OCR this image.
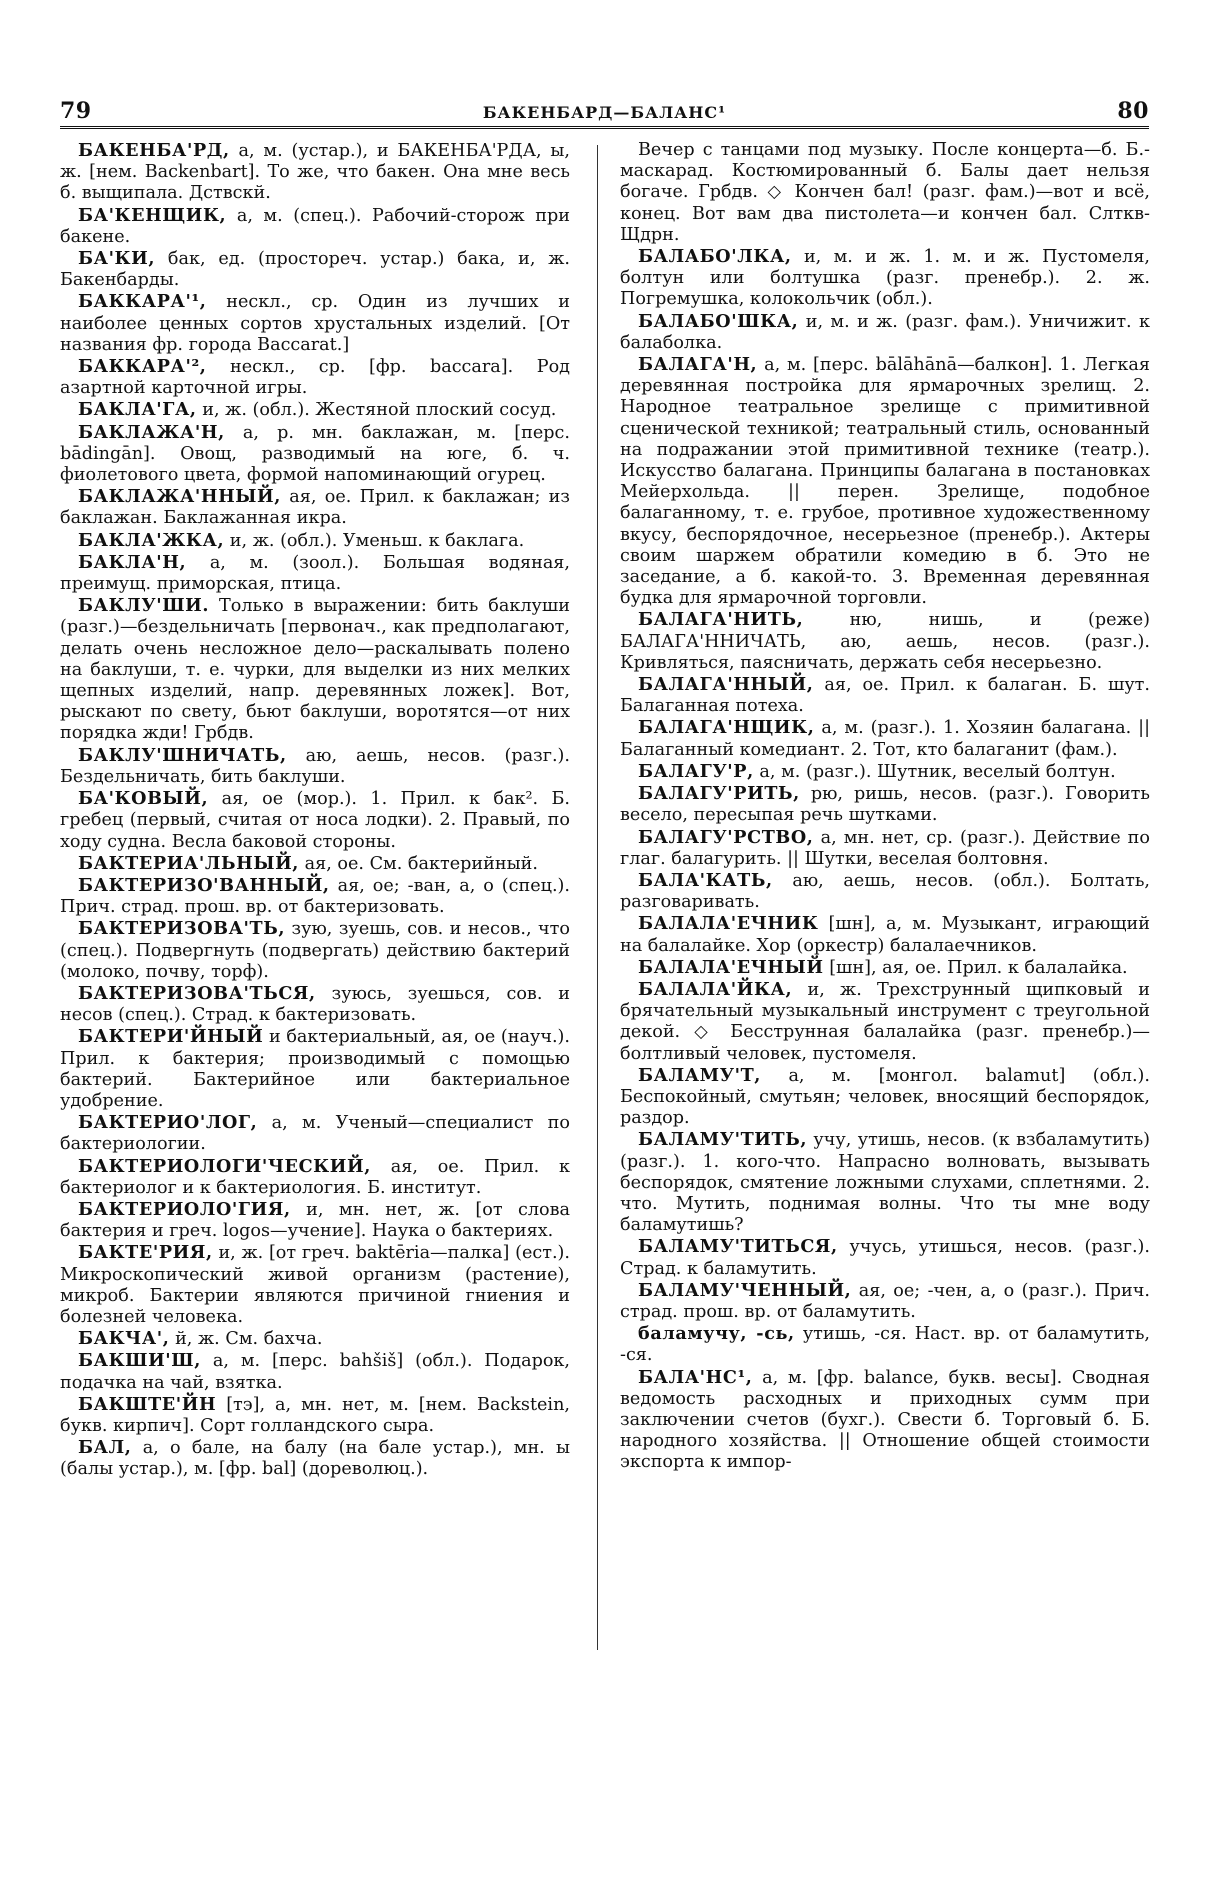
79	БАКЕНБАРД—БАЛАНС¹	80

БАКЕНБА'РД, а, м. (устар.), и БАКЕНБА'РДА, ы, ж. [нем. Backenbart]. То же, что бакен. Она мне весь б. выщипала. Дствскй.

БА'КЕНЩИК, а, м. (спец.). Рабочий-сторож при бакене.

БА'КИ, бак, ед. (простореч. устар.) бака, и, ж. Бакенбарды.

БАККАРА'¹, нескл., ср. Один из лучших и наиболее ценных сортов хрустальных изделий. [От названия фр. города Baccarat.]

БАККАРА'², нескл., ср. [фр. baccara]. Род азартной карточной игры.

БАКЛА'ГА, и, ж. (обл.). Жестяной плоский сосуд.

БАКЛАЖА'Н, а, р. мн. баклажан, м. [перс. bādingān]. Овощ, разводимый на юге, б. ч. фиолетового цвета, формой напоминающий огурец.

БАКЛАЖА'ННЫЙ, ая, ое. Прил. к баклажан; из баклажан. Баклажанная икра.

БАКЛА'ЖКА, и, ж. (обл.). Уменьш. к баклага.

БАКЛА'Н, а, м. (зоол.). Большая водяная, преимущ. приморская, птица.

БАКЛУ'ШИ. Только в выражении: бить баклуши (разг.)—бездельничать [первонач., как предполагают, делать очень несложное дело—раскалывать полено на баклуши, т. е. чурки, для выделки из них мелких щепных изделий, напр. деревянных ложек]. Вот, рыскают по свету, бьют баклуши, воротятся—от них порядка жди! Грбдв.

БАКЛУ'ШНИЧАТЬ, аю, аешь, несов. (разг.). Бездельничать, бить баклуши.

БА'КОВЫЙ, ая, ое (мор.). 1. Прил. к бак². Б. гребец (первый, считая от носа лодки). 2. Правый, по ходу судна. Весла баковой стороны.

БАКТЕРИА'ЛЬНЫЙ, ая, ое. См. бактерийный.

БАКТЕРИЗО'ВАННЫЙ, ая, ое; -ван, а, о (спец.). Прич. страд. прош. вр. от бактеризовать.

БАКТЕРИЗОВА'ТЬ, зую, зуешь, сов. и несов., что (спец.). Подвергнуть (подвергать) действию бактерий (молоко, почву, торф).

БАКТЕРИЗОВА'ТЬСЯ, зуюсь, зуешься, сов. и несов (спец.). Страд. к бактеризовать.

БАКТЕРИ'ЙНЫЙ и бактериальный, ая, ое (науч.). Прил. к бактерия; производимый с помощью бактерий. Бактерийное или бактериальное удобрение.

БАКТЕРИО'ЛОГ, а, м. Ученый—специалист по бактериологии.

БАКТЕРИОЛОГИ'ЧЕСКИЙ, ая, ое. Прил. к бактериолог и к бактериология. Б. институт.

БАКТЕРИОЛО'ГИЯ, и, мн. нет, ж. [от слова бактерия и греч. logos—учение]. Наука о бактериях.

БАКТЕ'РИЯ, и, ж. [от греч. baktēria—палка] (ест.). Микроскопический живой организм (растение), микроб. Бактерии являются причиной гниения и болезней человека.

БАКЧА', й, ж. См. бахча.

БАКШИ'Ш, а, м. [перс. bahšiš] (обл.). Подарок, подачка на чай, взятка.

БАКШТЕ'ЙН [тэ], а, мн. нет, м. [нем. Backstein, букв. кирпич]. Сорт голландского сыра.

БАЛ, а, о бале, на балу (на бале устар.), мн. ы (балы устар.), м. [фр. bal] (дореволюц.).

Вечер с танцами под музыку. После концерта—б. Б.-маскарад. Костюмированный б. Балы дает нельзя богаче. Грбдв. ◇ Кончен бал! (разг. фам.)—вот и всё, конец. Вот вам два пистолета—и кончен бал. Слткв-Щдрн.

БАЛАБО'ЛКА, и, м. и ж. 1. м. и ж. Пустомеля, болтун или болтушка (разг. пренебр.). 2. ж. Погремушка, колокольчик (обл.).

БАЛАБО'ШКА, и, м. и ж. (разг. фам.). Уничижит. к балаболка.

БАЛАГА'Н, а, м. [перс. bālāhānā—балкон]. 1. Легкая деревянная постройка для ярмарочных зрелищ. 2. Народное театральное зрелище с примитивной сценической техникой; театральный стиль, основанный на подражании этой примитивной технике (театр.). Искусство балагана. Принципы балагана в постановках Мейерхольда. || перен. Зрелище, подобное балаганному, т. е. грубое, противное художественному вкусу, беспорядочное, несерьезное (пренебр.). Актеры своим шаржем обратили комедию в б. Это не заседание, а б. какой-то. 3. Временная деревянная будка для ярмарочной торговли.

БАЛАГА'НИТЬ,	ню, нишь, и (реже) БАЛАГА'ННИЧАТЬ, аю, аешь, несов. (разг.). Кривляться, паясничать, держать себя несерьезно.

БАЛАГА'ННЫЙ, ая, ое. Прил. к балаган. Б. шут. Балаганная потеха.

БАЛАГА'НЩИК, а, м. (разг.). 1. Хозяин балагана. || Балаганный комедиант. 2. Тот, кто балаганит (фам.).

БАЛАГУ'Р, а, м. (разг.). Шутник, веселый болтун.

БАЛАГУ'РИТЬ, рю, ришь, несов. (разг.). Говорить весело, пересыпая речь шутками.

БАЛАГУ'РСТВО, а, мн. нет, ср. (разг.). Действие по глаг. балагурить. || Шутки, веселая болтовня.

БАЛА'КАТЬ, аю, аешь, несов. (обл.). Болтать, разговаривать.

БАЛАЛА'ЕЧНИК [шн], а, м. Музыкант, играющий на балалайке. Хор (оркестр) балалаечников.

БАЛАЛА'ЕЧНЫЙ [шн], ая, ое. Прил. к балалайка.

БАЛАЛА'ЙКА, и, ж. Трехструнный щипковый и брячательный музыкальный инструмент с треугольной декой. ◇ Бесструнная балалайка (разг. пренебр.)—болтливый человек, пустомеля.

БАЛАМУ'Т, а, м. [монгол. balamut] (обл.). Беспокойный, смутьян; человек, вносящий беспорядок, раздор.

БАЛАМУ'ТИТЬ, учу, утишь, несов. (к взбаламутить) (разг.). 1. кого-что. Напрасно волновать, вызывать беспорядок, смятение ложными слухами, сплетнями. 2. что. Мутить, поднимая волны. Что ты мне воду баламутишь?

БАЛАМУ'ТИТЬСЯ, учусь, утишься, несов. (разг.). Страд. к баламутить.

БАЛАМУ'ЧЕННЫЙ, ая, ое; -чен, а, о (разг.). Прич. страд. прош. вр. от баламутить.

баламучу, -сь, утишь, -ся. Наст. вр. от баламутить, -ся.

БАЛА'НС¹, а, м. [фр. balance, букв. весы]. Сводная ведомость расходных и приходных сумм при заключении счетов (бухг.). Свести б. Торговый б. Б. народного хозяйства. || Отношение общей стоимости экспорта к импор-
